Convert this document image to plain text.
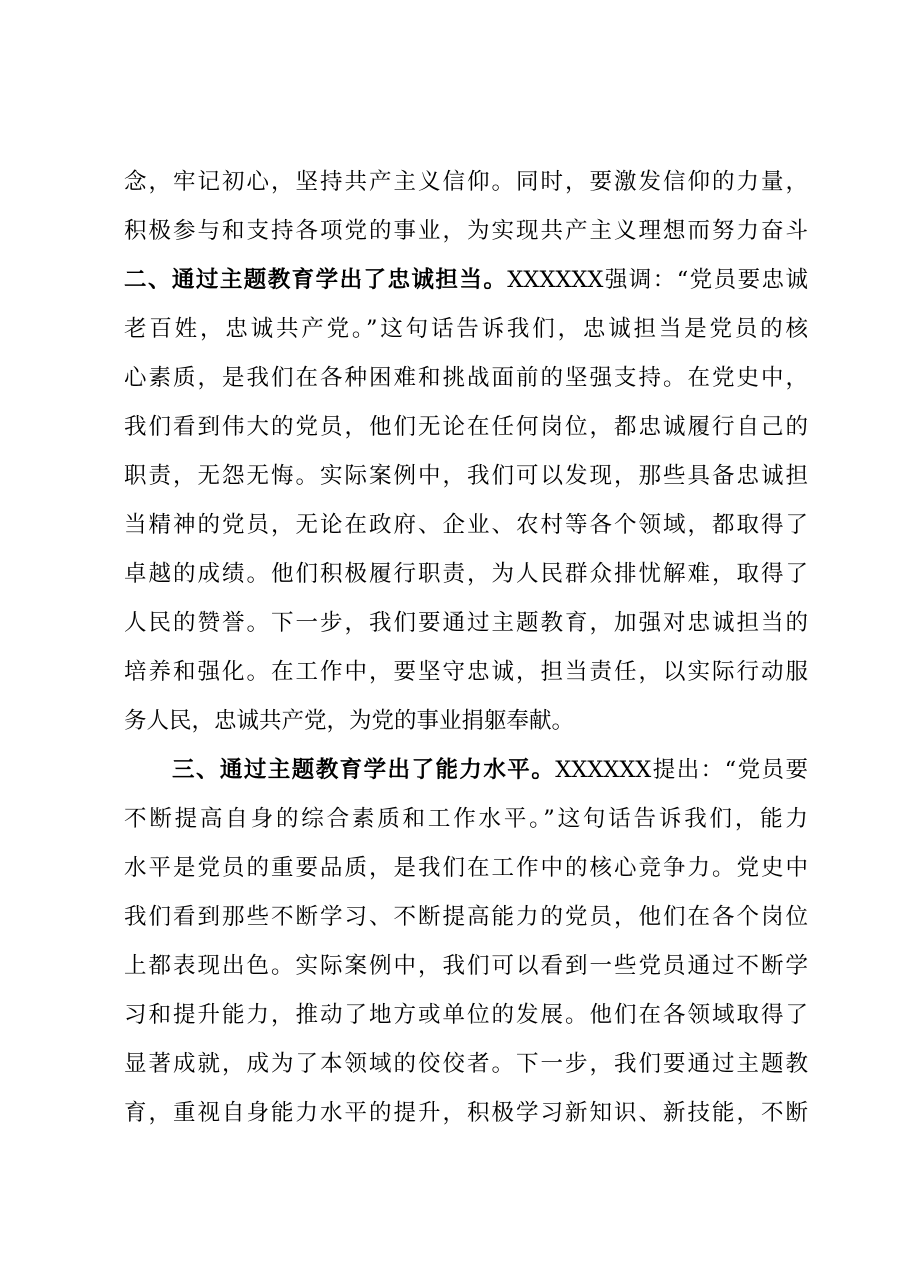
念，牢记初心，坚持共产主义信仰。同时，要激发信仰的力量，
积极参与和支持各项党的事业，为实现共产主义理想而努力奋斗
二、通过主题教育学出了忠诚担当。XXXXXX强调：“党员要忠诚
老百姓，忠诚共产党。”这句话告诉我们，忠诚担当是党员的核
心素质，是我们在各种困难和挑战面前的坚强支持。在党史中，
我们看到伟大的党员，他们无论在任何岗位，都忠诚履行自己的
职责，无怨无悔。实际案例中，我们可以发现，那些具备忠诚担
当精神的党员，无论在政府、企业、农村等各个领域，都取得了
卓越的成绩。他们积极履行职责，为人民群众排忧解难，取得了
人民的赞誉。下一步，我们要通过主题教育，加强对忠诚担当的
培养和强化。在工作中，要坚守忠诚，担当责任，以实际行动服
务人民，忠诚共产党，为党的事业捐躯奉献。
三、通过主题教育学出了能力水平。XXXXXX提出：“党员要
不断提高自身的综合素质和工作水平。”这句话告诉我们，能力
水平是党员的重要品质，是我们在工作中的核心竞争力。党史中
我们看到那些不断学习、不断提高能力的党员，他们在各个岗位
上都表现出色。实际案例中，我们可以看到一些党员通过不断学
习和提升能力，推动了地方或单位的发展。他们在各领域取得了
显著成就，成为了本领域的佼佼者。下一步，我们要通过主题教
育，重视自身能力水平的提升，积极学习新知识、新技能，不断
